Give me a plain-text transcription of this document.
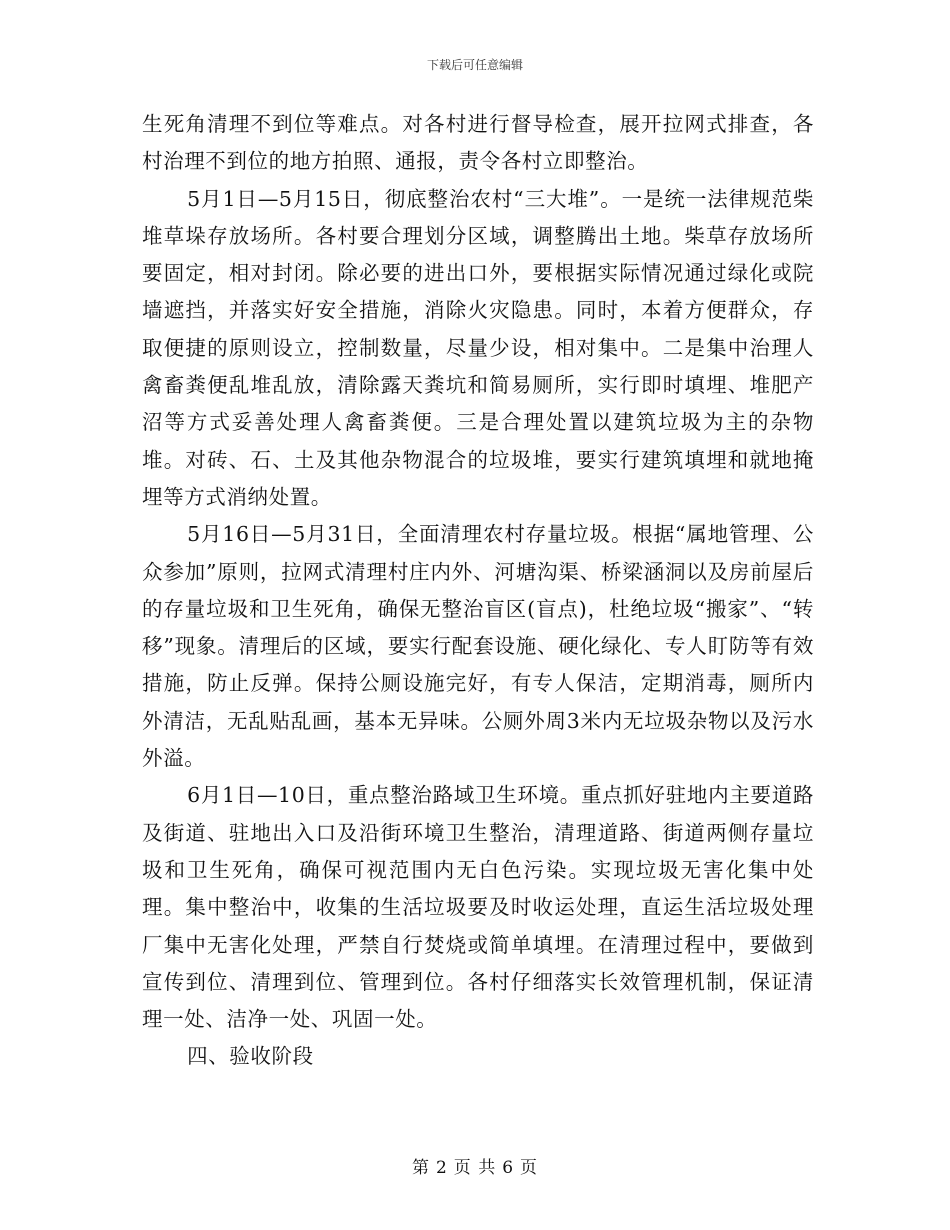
下载后可任意编辑

生死角清理不到位等难点。对各村进行督导检查，展开拉网式排查，各村治理不到位的地方拍照、通报，责令各村立即整治。

5月1日—5月15日，彻底整治农村“三大堆”。一是统一法律规范柴堆草垛存放场所。各村要合理划分区域，调整腾出土地。柴草存放场所要固定，相对封闭。除必要的进出口外，要根据实际情况通过绿化或院墙遮挡，并落实好安全措施，消除火灾隐患。同时，本着方便群众，存取便捷的原则设立，控制数量，尽量少设，相对集中。二是集中治理人禽畜粪便乱堆乱放，清除露天粪坑和简易厕所，实行即时填埋、堆肥产沼等方式妥善处理人禽畜粪便。三是合理处置以建筑垃圾为主的杂物堆。对砖、石、土及其他杂物混合的垃圾堆，要实行建筑填埋和就地掩埋等方式消纳处置。

5月16日—5月31日，全面清理农村存量垃圾。根据“属地管理、公众参加”原则，拉网式清理村庄内外、河塘沟渠、桥梁涵洞以及房前屋后的存量垃圾和卫生死角，确保无整治盲区(盲点)，杜绝垃圾“搬家”、“转移”现象。清理后的区域，要实行配套设施、硬化绿化、专人盯防等有效措施，防止反弹。保持公厕设施完好，有专人保洁，定期消毒，厕所内外清洁，无乱贴乱画，基本无异味。公厕外周3米内无垃圾杂物以及污水外溢。

6月1日—10日，重点整治路域卫生环境。重点抓好驻地内主要道路及街道、驻地出入口及沿街环境卫生整治，清理道路、街道两侧存量垃圾和卫生死角，确保可视范围内无白色污染。实现垃圾无害化集中处理。集中整治中，收集的生活垃圾要及时收运处理，直运生活垃圾处理厂集中无害化处理，严禁自行焚烧或简单填埋。在清理过程中，要做到宣传到位、清理到位、管理到位。各村仔细落实长效管理机制，保证清理一处、洁净一处、巩固一处。

四、验收阶段

第 2 页 共 6 页
